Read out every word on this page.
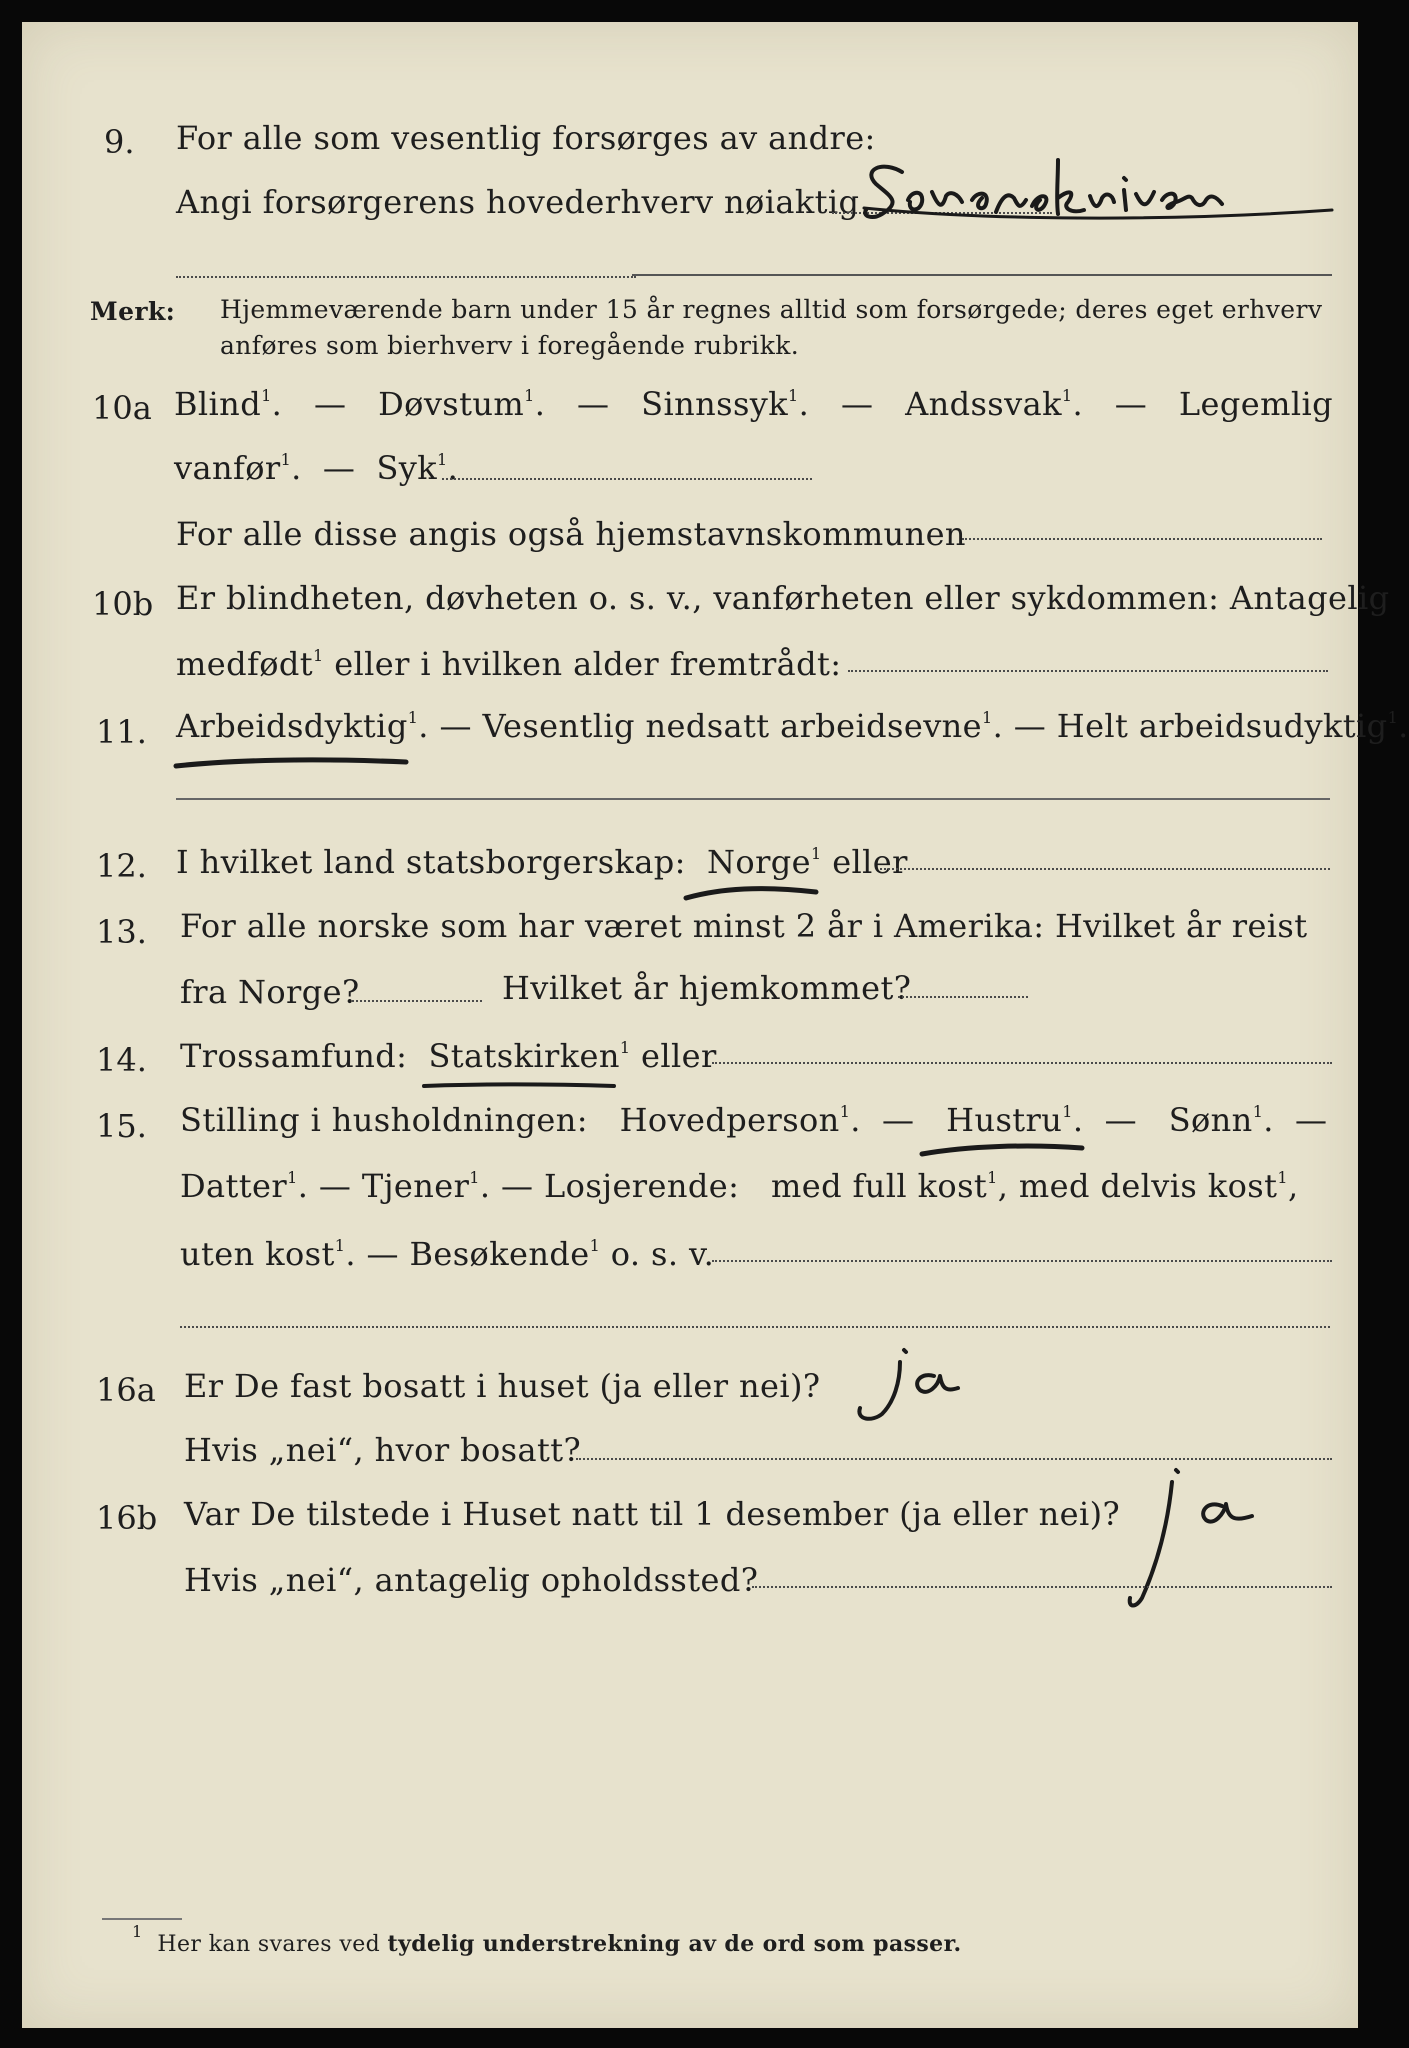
9. For alle som vesentlig forsørges av andre:
Angi forsørgerens hovederhverv nøiaktig
Merk: Hjemmeværende barn under 15 år regnes alltid som forsørgede; deres eget erhverv
anføres som bierhverv i foregående rubrikk.
10a Blind$^1$.   — Døvstum$^1$.   — Sinnssyk$^1$.   — Andssvak$^1$.   — Legemlig
vanfør$^1$.  — Syk$^1$.
For alle disse angis også hjemstavnskommunen
10b Er blindheten, døvheten o. s. v., vanførheten eller sykdommen: Antagelig
medfødt$^1$ eller i hvilken alder fremtrådt:
11. Arbeidsdyktig$^1$. — Vesentlig nedsatt arbeidsevne$^1$. — Helt arbeidsudyktig$^1$.
12. I hvilket land statsborgerskap: Norge$^1$ eller
13. For alle norske som har været minst 2 år i Amerika: Hvilket år reist
fra Norge?	Hvilket år hjemkommet?
14. Trossamfund: Statskirken$^1$ eller
15. Stilling i husholdningen: Hovedperson$^1$.  — Hustru$^1$.  — Sønn$^1$.  —
Datter$^1$. — Tjener$^1$. — Losjerende: med full kost$^1$, med delvis kost$^1$,
uten kost$^1$. — Besøkende$^1$ o. s. v.
16a Er De fast bosatt i huset (ja eller nei)?
Hvis „nei“, hvor bosatt?
16b Var De tilstede i Huset natt til 1 desember (ja eller nei)?
Hvis „nei“, antagelig opholdssted?
$^1$  Her kan svares ved tydelig understrekning av de ord som passer.
